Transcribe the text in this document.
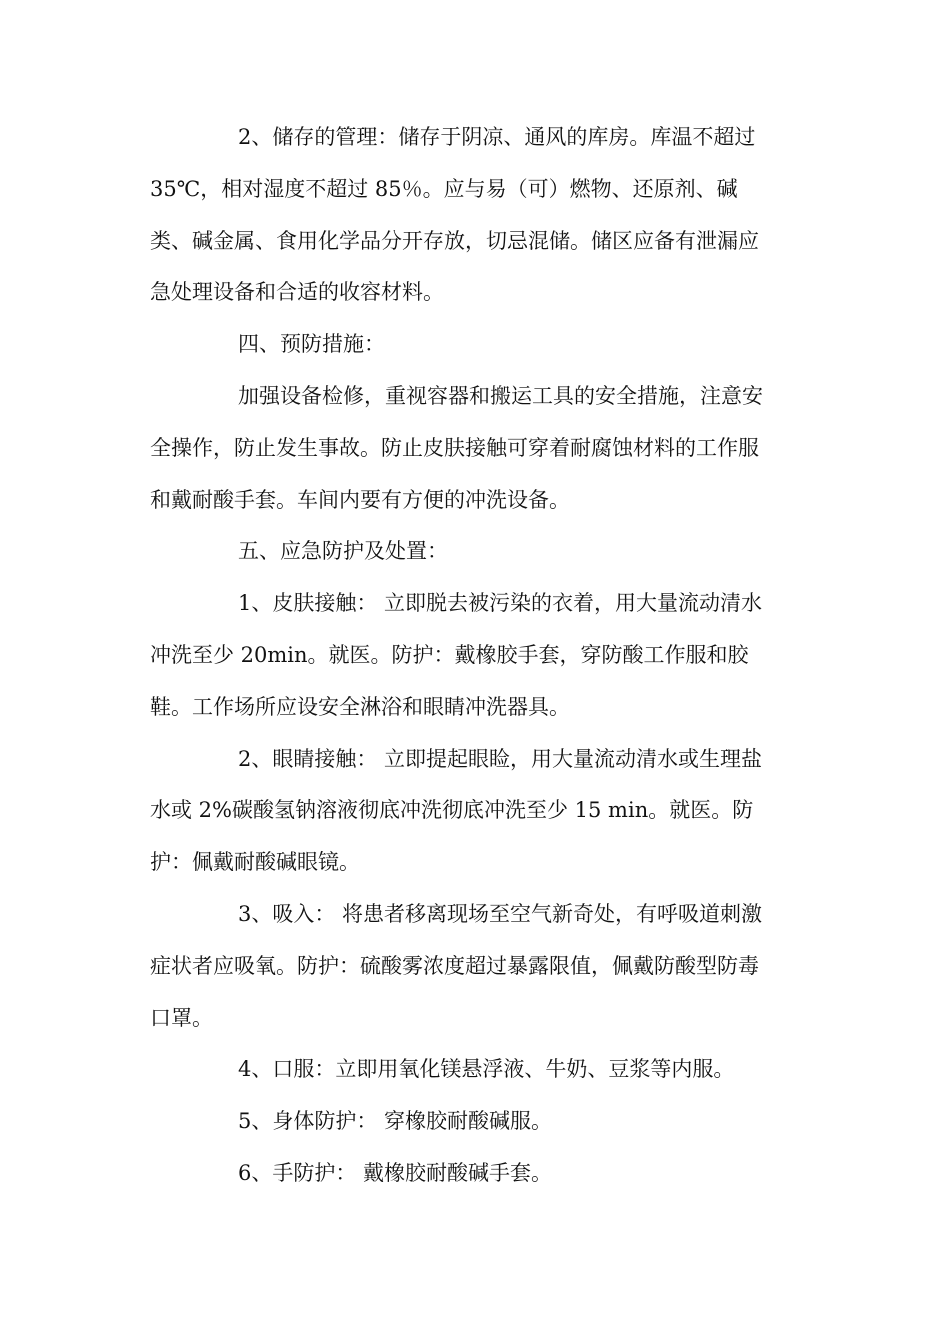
2、储存的管理：储存于阴凉、通风的库房。库温不超过
35℃，相对湿度不超过 85％。应与易（可）燃物、还原剂、碱
类、碱金属、食用化学品分开存放，切忌混储。储区应备有泄漏应
急处理设备和合适的收容材料。
四、预防措施：
加强设备检修，重视容器和搬运工具的安全措施，注意安
全操作，防止发生事故。防止皮肤接触可穿着耐腐蚀材料的工作服
和戴耐酸手套。车间内要有方便的冲洗设备。
五、应急防护及处置：
1、皮肤接触： 立即脱去被污染的衣着，用大量流动清水
冲洗至少 20min。就医。防护：戴橡胶手套，穿防酸工作服和胶
鞋。工作场所应设安全淋浴和眼睛冲洗器具。
2、眼睛接触： 立即提起眼睑，用大量流动清水或生理盐
水或 2%碳酸氢钠溶液彻底冲洗彻底冲洗至少 15 min。就医。防
护：佩戴耐酸碱眼镜。
3、吸入： 将患者移离现场至空气新奇处，有呼吸道刺激
症状者应吸氧。防护：硫酸雾浓度超过暴露限值，佩戴防酸型防毒
口罩。
4、口服：立即用氧化镁悬浮液、牛奶、豆浆等内服。
5、身体防护： 穿橡胶耐酸碱服。
6、手防护： 戴橡胶耐酸碱手套。
